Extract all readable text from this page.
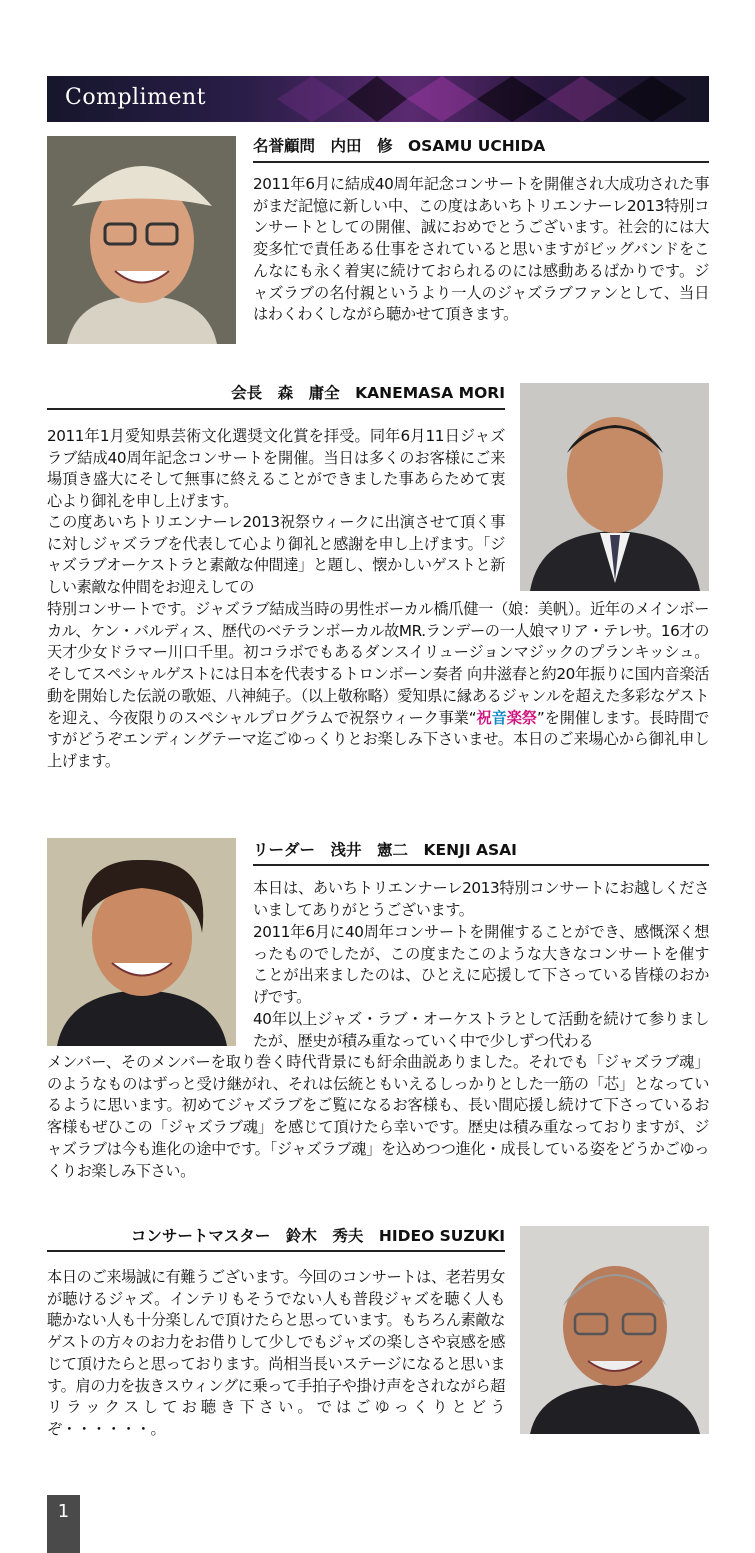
Compliment
名誉顧問　内田　修　OSAMU UCHIDA

2011年6月に結成40周年記念コンサートを開催され大成功された事がまだ記憶に新しい中、この度はあいちトリエンナーレ2013特別コンサートとしての開催、誠におめでとうございます。社会的には大変多忙で責任ある仕事をされていると思いますがビッグバンドをこんなにも永く着実に続けておられるのには感動あるばかりです。ジャズラブの名付親というより一人のジャズラブファンとして、当日はわくわくしながら聴かせて頂きます。

会長　森　庸全　KANEMASA MORI

2011年1月愛知県芸術文化選奨文化賞を拝受。同年6月11日ジャズラブ結成40周年記念コンサートを開催。当日は多くのお客様にご来場頂き盛大にそして無事に終えることができました事あらためて衷心より御礼を申し上げます。

この度あいちトリエンナーレ2013祝祭ウィークに出演させて頂く事に対しジャズラブを代表して心より御礼と感謝を申し上げます。「ジャズラブオーケストラと素敵な仲間達」と題し、懐かしいゲストと新しい素敵な仲間をお迎えしての

特別コンサートです。ジャズラブ結成当時の男性ボーカル橋爪健一（娘：美帆）。近年のメインボーカル、ケン・バルディス、歴代のベテランボーカル故MR.ランデーの一人娘マリア・テレサ。16才の天才少女ドラマー川口千里。初コラボでもあるダンスイリュージョンマジックのプランキッシュ。そしてスペシャルゲストには日本を代表するトロンボーン奏者 向井滋春と約20年振りに国内音楽活動を開始した伝説の歌姫、八神純子。（以上敬称略）愛知県に縁あるジャンルを超えた多彩なゲストを迎え、今夜限りのスペシャルプログラムで祝祭ウィーク事業“祝音楽祭”を開催します。長時間ですがどうぞエンディングテーマ迄ごゆっくりとお楽しみ下さいませ。本日のご来場心から御礼申し上げます。

リーダー　浅井　憲二　KENJI ASAI

本日は、あいちトリエンナーレ2013特別コンサートにお越しくださいましてありがとうございます。

2011年6月に40周年コンサートを開催することができ、感慨深く想ったものでしたが、この度またこのような大きなコンサートを催すことが出来ましたのは、ひとえに応援して下さっている皆様のおかげです。

40年以上ジャズ・ラブ・オーケストラとして活動を続けて参りましたが、歴史が積み重なっていく中で少しずつ代わる

メンバー、そのメンバーを取り巻く時代背景にも紆余曲説ありました。それでも「ジャズラブ魂」のようなものはずっと受け継がれ、それは伝統ともいえるしっかりとした一筋の「芯」となっているように思います。初めてジャズラブをご覧になるお客様も、長い間応援し続けて下さっているお客様もぜひこの「ジャズラブ魂」を感じて頂けたら幸いです。歴史は積み重なっておりますが、ジャズラブは今も進化の途中です。「ジャズラブ魂」を込めつつ進化・成長している姿をどうかごゆっくりお楽しみ下さい。

コンサートマスター　鈴木　秀夫　HIDEO SUZUKI

本日のご来場誠に有難うございます。今回のコンサートは、老若男女が聴けるジャズ。インテリもそうでない人も普段ジャズを聴く人も聴かない人も十分楽しんで頂けたらと思っています。もちろん素敵なゲストの方々のお力をお借りして少しでもジャズの楽しさや哀感を感じて頂けたらと思っております。尚相当長いステージになると思います。肩の力を抜きスウィングに乗って手拍子や掛け声をされながら超リラックスしてお聴き下さい。ではごゆっくりとどうぞ・・・・・・。

1
